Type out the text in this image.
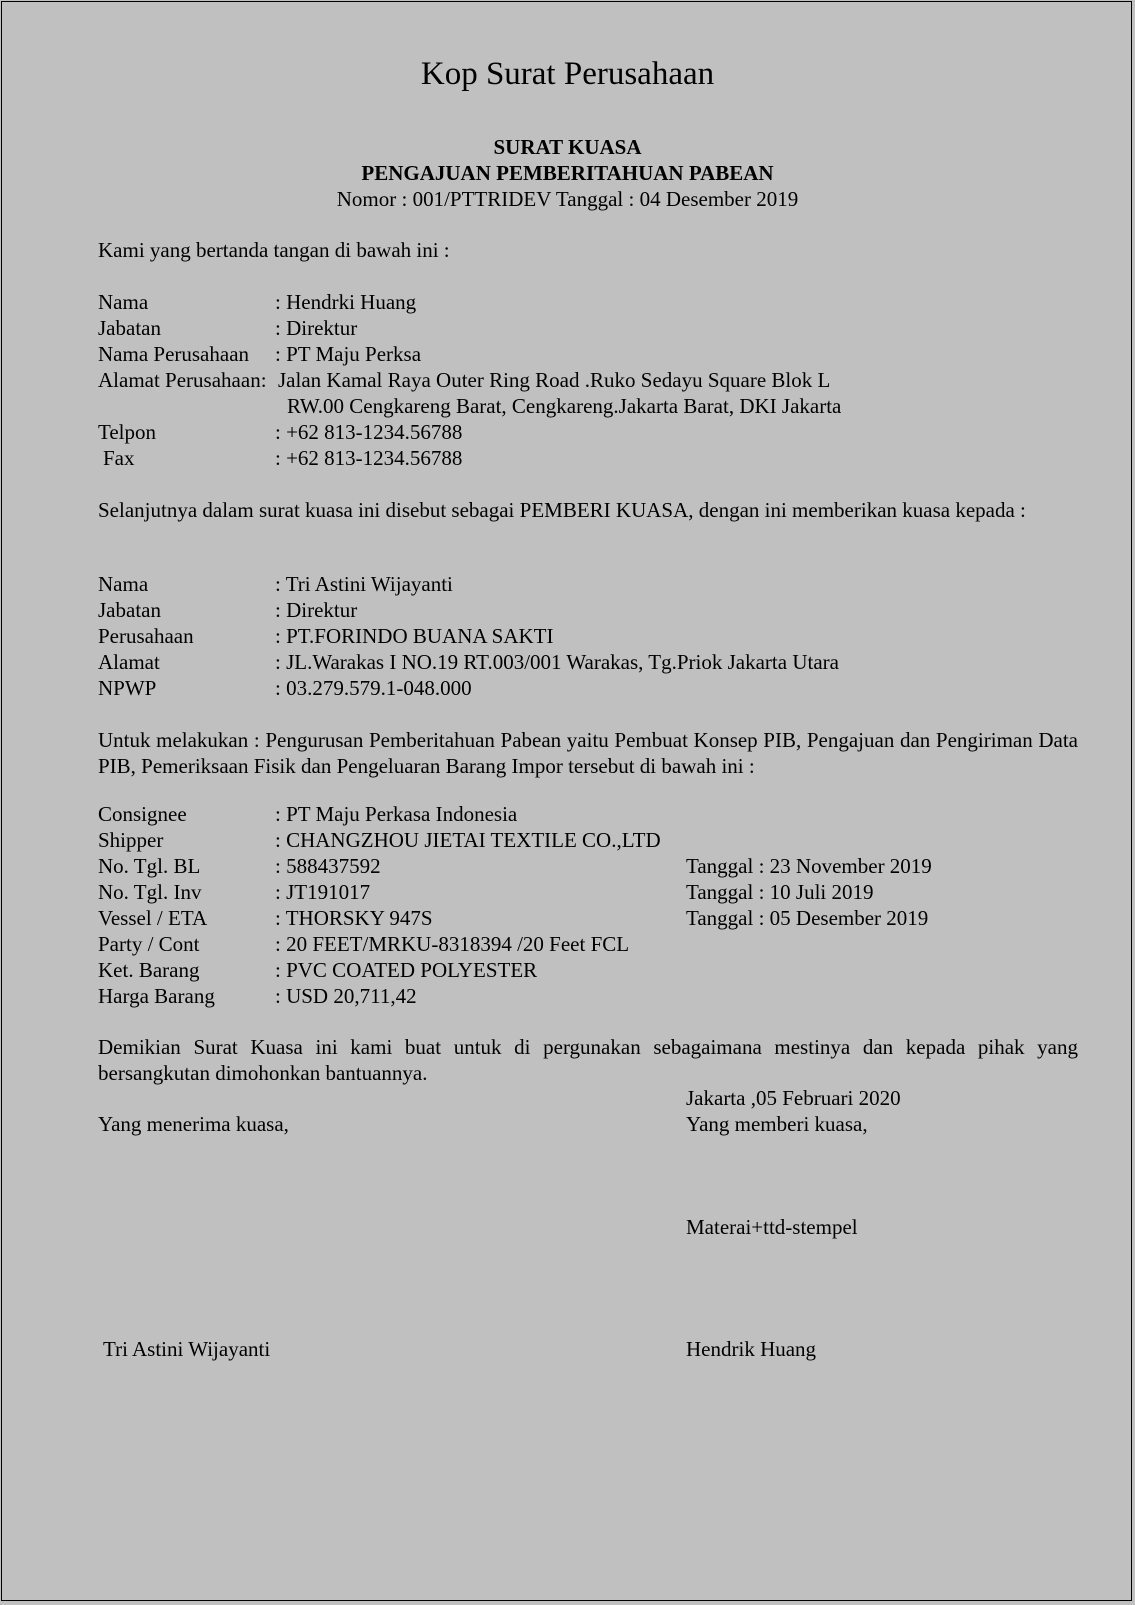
Kop Surat Perusahaan
SURAT KUASA
PENGAJUAN PEMBERITAHUAN PABEAN
Nomor : 001/PTTRIDEV Tanggal : 04 Desember 2019
Kami yang bertanda tangan di bawah ini :
Nama	: Hendrki Huang
Jabatan	: Direktur
Nama Perusahaan : PT Maju Perksa
Alamat Perusahaan: Jalan Kamal Raya Outer Ring Road .Ruko Sedayu Square Blok L
RW.00 Cengkareng Barat, Cengkareng.Jakarta Barat, DKI Jakarta
Telpon	: +62 813-1234.56788
Fax	: +62 813-1234.56788
Selanjutnya dalam surat kuasa ini disebut sebagai PEMBERI KUASA, dengan ini memberikan kuasa kepada :
Nama	: Tri Astini Wijayanti
Jabatan	: Direktur
Perusahaan	: PT.FORINDO BUANA SAKTI
Alamat	: JL.Warakas I NO.19 RT.003/001 Warakas, Tg.Priok Jakarta Utara
NPWP	: 03.279.579.1-048.000
Untuk melakukan : Pengurusan Pemberitahuan Pabean yaitu Pembuat Konsep PIB, Pengajuan dan Pengiriman Data PIB, Pemeriksaan Fisik dan Pengeluaran Barang Impor tersebut di bawah ini :
Consignee	: PT Maju Perkasa Indonesia
Shipper	: CHANGZHOU JIETAI TEXTILE CO.,LTD
No. Tgl. BL	: 588437592	Tanggal : 23 November 2019
No. Tgl. Inv	: JT191017	Tanggal : 10 Juli 2019
Vessel / ETA	: THORSKY 947S	Tanggal : 05 Desember 2019
Party / Cont	: 20 FEET/MRKU-8318394 /20 Feet FCL
Ket. Barang	: PVC COATED POLYESTER
Harga Barang	: USD 20,711,42
Demikian Surat Kuasa ini kami buat untuk di pergunakan sebagaimana mestinya dan kepada pihak yang bersangkutan dimohonkan bantuannya.
Jakarta ,05 Februari 2020
Yang menerima kuasa,	Yang memberi kuasa,
Materai+ttd-stempel
Tri Astini Wijayanti	Hendrik Huang
